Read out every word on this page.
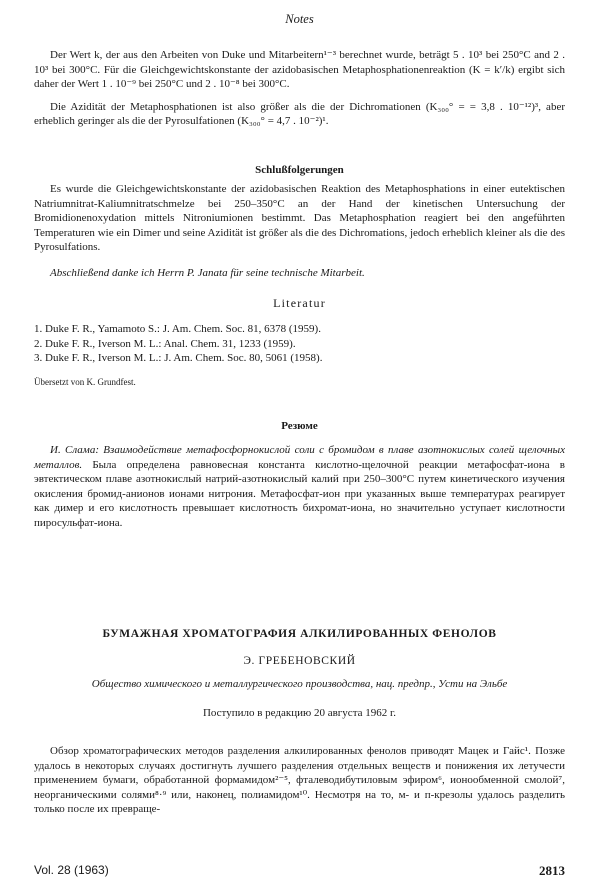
Notes

Der Wert k, der aus den Arbeiten von Duke und Mitarbeitern¹⁻³ berechnet wurde, beträgt 5 . 10³ bei 250°C and 2 . 10³ bei 300°C. Für die Gleichgewichtskonstante der azidobasischen Metaphosphationenreaktion (K = k′/k) ergibt sich daher der Wert 1 . 10⁻⁹ bei 250°C und 2 . 10⁻⁸ bei 300°C.

Die Azidität der Metaphosphationen ist also größer als die der Dichromationen (K₃₀₀° = = 3,8 . 10⁻¹²)³, aber erheblich geringer als die der Pyrosulfationen (K₃₀₀° = 4,7 . 10⁻²)¹.

Schlußfolgerungen

Es wurde die Gleichgewichtskonstante der azidobasischen Reaktion des Metaphosphations in einer eutektischen Natriumnitrat-Kaliumnitratschmelze bei 250–350°C an der Hand der kinetischen Untersuchung der Bromidionenoxydation mittels Nitroniumionen bestimmt. Das Metaphosphation reagiert bei den angeführten Temperaturen wie ein Dimer und seine Azidität ist größer als die des Dichromations, jedoch erheblich kleiner als die des Pyrosulfations.

Abschließend danke ich Herrn P. Janata für seine technische Mitarbeit.

Literatur
1. Duke F. R., Yamamoto S.: J. Am. Chem. Soc. 81, 6378 (1959).
2. Duke F. R., Iverson M. L.: Anal. Chem. 31, 1233 (1959).
3. Duke F. R., Iverson M. L.: J. Am. Chem. Soc. 80, 5061 (1958).

Übersetzt von K. Grundfest.

Резюме

И. Слама: Взаимодействие метафосфорнокислой соли с бромидом в плаве азотнокислых солей щелочных металлов. Была определена равновесная константа кислотно-щелочной реакции метафосфат-иона в эвтектическом плаве азотнокислый натрий-азотнокислый калий при 250–300°C путем кинетического изучения окисления бромид-анионов ионами нитрония. Метафосфат-ион при указанных выше температурах реагирует как димер и его кислотность превышает кислотность бихромат-иона, но значительно уступает кислотности пиросульфат-иона.

БУМАЖНАЯ ХРОМАТОГРАФИЯ АЛКИЛИРОВАННЫХ ФЕНОЛОВ
Э. ГРЕБЕНОВСКИЙ
Общество химического и металлургического производства, нац. предпр., Усти на Эльбе
Поступило в редакцию 20 августа 1962 г.

Обзор хроматографических методов разделения алкилированных фенолов приводят Мацек и Гайс¹. Позже удалось в некоторых случаях достигнуть лучшего разделения отдельных веществ и понижения их летучести применением бумаги, обработанной формамидом²⁻⁵, фталеводибутиловым эфиром⁶, ионообменной смолой⁷, неорганическими солями⁸·⁹ или, наконец, полиамидом¹⁰. Несмотря на то, м- и п-крезолы удалось разделить только после их превраще-

Vol. 28 (1963)	2813
